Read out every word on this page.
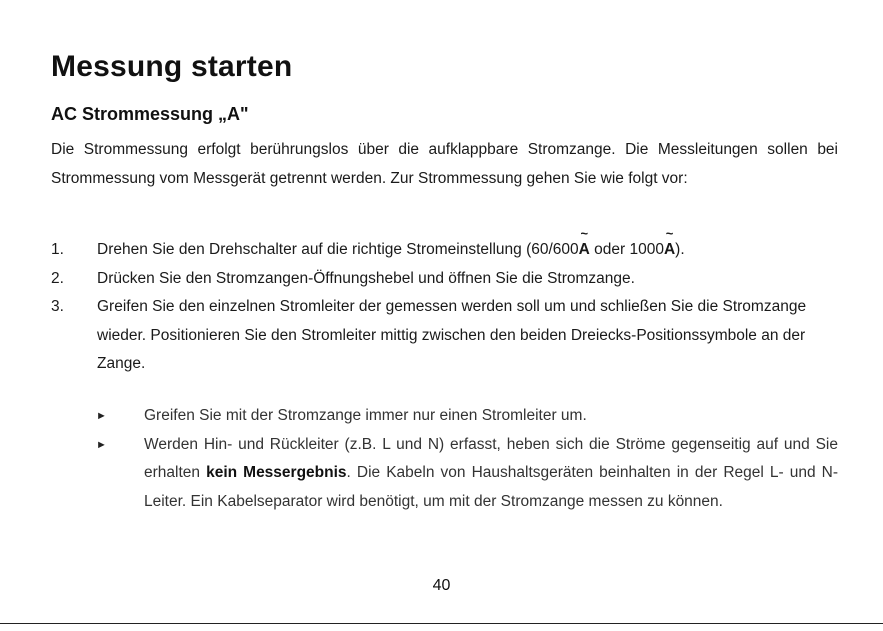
Messung starten
AC Strommessung „A"

Die Strommessung erfolgt berührungslos über die aufklappbare Stromzange. Die Messleitungen sollen bei Strommessung vom Messgerät getrennt werden. Zur Strommessung gehen Sie wie folgt vor:

1. Drehen Sie den Drehschalter auf die richtige Stromeinstellung (60/600A
~
oder 1000A
~
).
2. Drücken Sie den Stromzangen-Öffnungshebel und öffnen Sie die Stromzange.
3. Greifen Sie den einzelnen Stromleiter der gemessen werden soll um und schließen Sie die Stromzange wieder. Positionieren Sie den Stromleiter mittig zwischen den beiden Dreiecks-Positionssymbole an der Zange.
► Greifen Sie mit der Stromzange immer nur einen Stromleiter um.
► Werden Hin- und Rückleiter (z.B. L und N) erfasst, heben sich die Ströme gegenseitig auf und Sie erhalten kein Messergebnis. Die Kabeln von Haushaltsgeräten beinhalten in der Regel L- und N- Leiter. Ein Kabelseparator wird benötigt, um mit der Stromzange messen zu können.
40
